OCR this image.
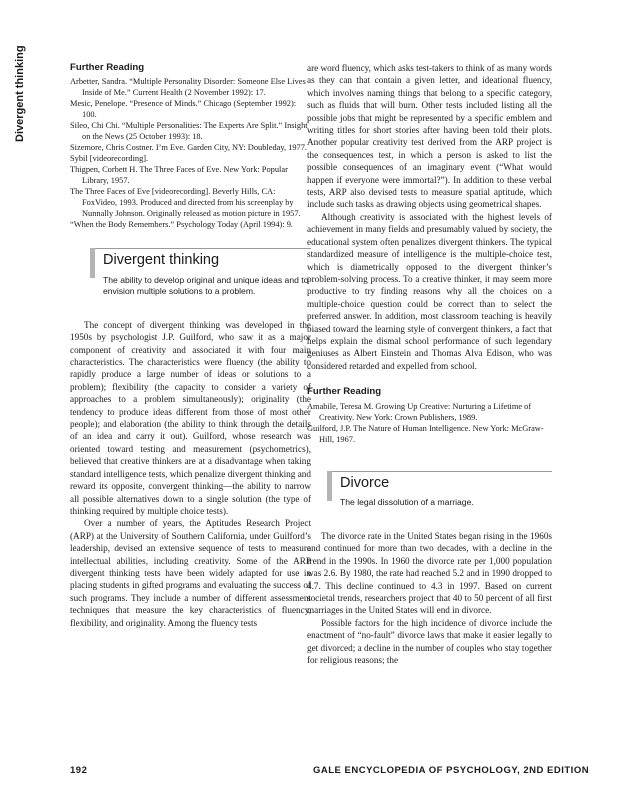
Divergent thinking	Further Reading

Arbetter, Sandra. “Multiple Personality Disorder: Someone Else Lives Inside of Me.” Current Health (2 November 1992): 17.

Mesic, Penelope. “Presence of Minds.” Chicago (September 1992): 100.

Sileo, Chi Chi. “Multiple Personalities: The Experts Are Split.” Insight on the News (25 October 1993): 18.

Sizemore, Chris Costner. I’m Eve. Garden City, NY: Doubleday, 1977.

Sybil [videorecording].

Thigpen, Corbett H. The Three Faces of Eve. New York: Popular Library, 1957.

The Three Faces of Eve [videorecording]. Beverly Hills, CA: FoxVideo, 1993. Produced and directed from his screenplay by Nunnally Johnson. Originally released as motion picture in 1957.

“When the Body Remembers.” Psychology Today (April 1994): 9.

Divergent thinking
The ability to develop original and unique ideas and to envision multiple solutions to a problem.

The concept of divergent thinking was developed in the 1950s by psychologist J.P. Guilford, who saw it as a major component of creativity and associated it with four main characteristics. The characteristics were fluency (the ability to rapidly produce a large number of ideas or solutions to a problem); flexibility (the capacity to consider a variety of approaches to a problem simultaneously); originality (the tendency to produce ideas different from those of most other people); and elaboration (the ability to think through the details of an idea and carry it out). Guilford, whose research was oriented toward testing and measurement (psychometrics), believed that creative thinkers are at a disadvantage when taking standard intelligence tests, which penalize divergent thinking and reward its opposite, convergent thinking—the ability to narrow all possible alternatives down to a single solution (the type of thinking required by multiple choice tests).

Over a number of years, the Aptitudes Research Project (ARP) at the University of Southern California, under Guilford’s leadership, devised an extensive sequence of tests to measure intellectual abilities, including creativity. Some of the ARP divergent thinking tests have been widely adapted for use in placing students in gifted programs and evaluating the success of such programs. They include a number of different assessment techniques that measure the key characteristics of fluency, flexibility, and originality. Among the fluency tests

are word fluency, which asks test-takers to think of as many words as they can that contain a given letter, and ideational fluency, which involves naming things that belong to a specific category, such as fluids that will burn. Other tests included listing all the possible jobs that might be represented by a specific emblem and writing titles for short stories after having been told their plots. Another popular creativity test derived from the ARP project is the consequences test, in which a person is asked to list the possible consequences of an imaginary event (“What would happen if everyone were immortal?”). In addition to these verbal tests, ARP also devised tests to measure spatial aptitude, which include such tasks as drawing objects using geometrical shapes.

Although creativity is associated with the highest levels of achievement in many fields and presumably valued by society, the educational system often penalizes divergent thinkers. The typical standardized measure of intelligence is the multiple-choice test, which is diametrically opposed to the divergent thinker’s problem-solving process. To a creative thinker, it may seem more productive to try finding reasons why all the choices on a multiple-choice question could be correct than to select the preferred answer. In addition, most classroom teaching is heavily biased toward the learning style of convergent thinkers, a fact that helps explain the dismal school performance of such legendary geniuses as Albert Einstein and Thomas Alva Edison, who was considered retarded and expelled from school.

Further Reading

Amabile, Teresa M. Growing Up Creative: Nurturing a Lifetime of Creativity. New York: Crown Publishers, 1989.

Guilford, J.P. The Nature of Human Intelligence. New York: McGraw-Hill, 1967.

Divorce
The legal dissolution of a marriage.

The divorce rate in the United States began rising in the 1960s and continued for more than two decades, with a decline in the trend in the 1990s. In 1960 the divorce rate per 1,000 population was 2.6. By 1980, the rate had reached 5.2 and in 1990 dropped to 4.7. This decline continued to 4.3 in 1997. Based on current societal trends, researchers project that 40 to 50 percent of all first marriages in the United States will end in divorce.

Possible factors for the high incidence of divorce include the enactment of “no-fault” divorce laws that make it easier legally to get divorced; a decline in the number of couples who stay together for religious reasons; the

192	GALE ENCYCLOPEDIA OF PSYCHOLOGY, 2ND EDITION
